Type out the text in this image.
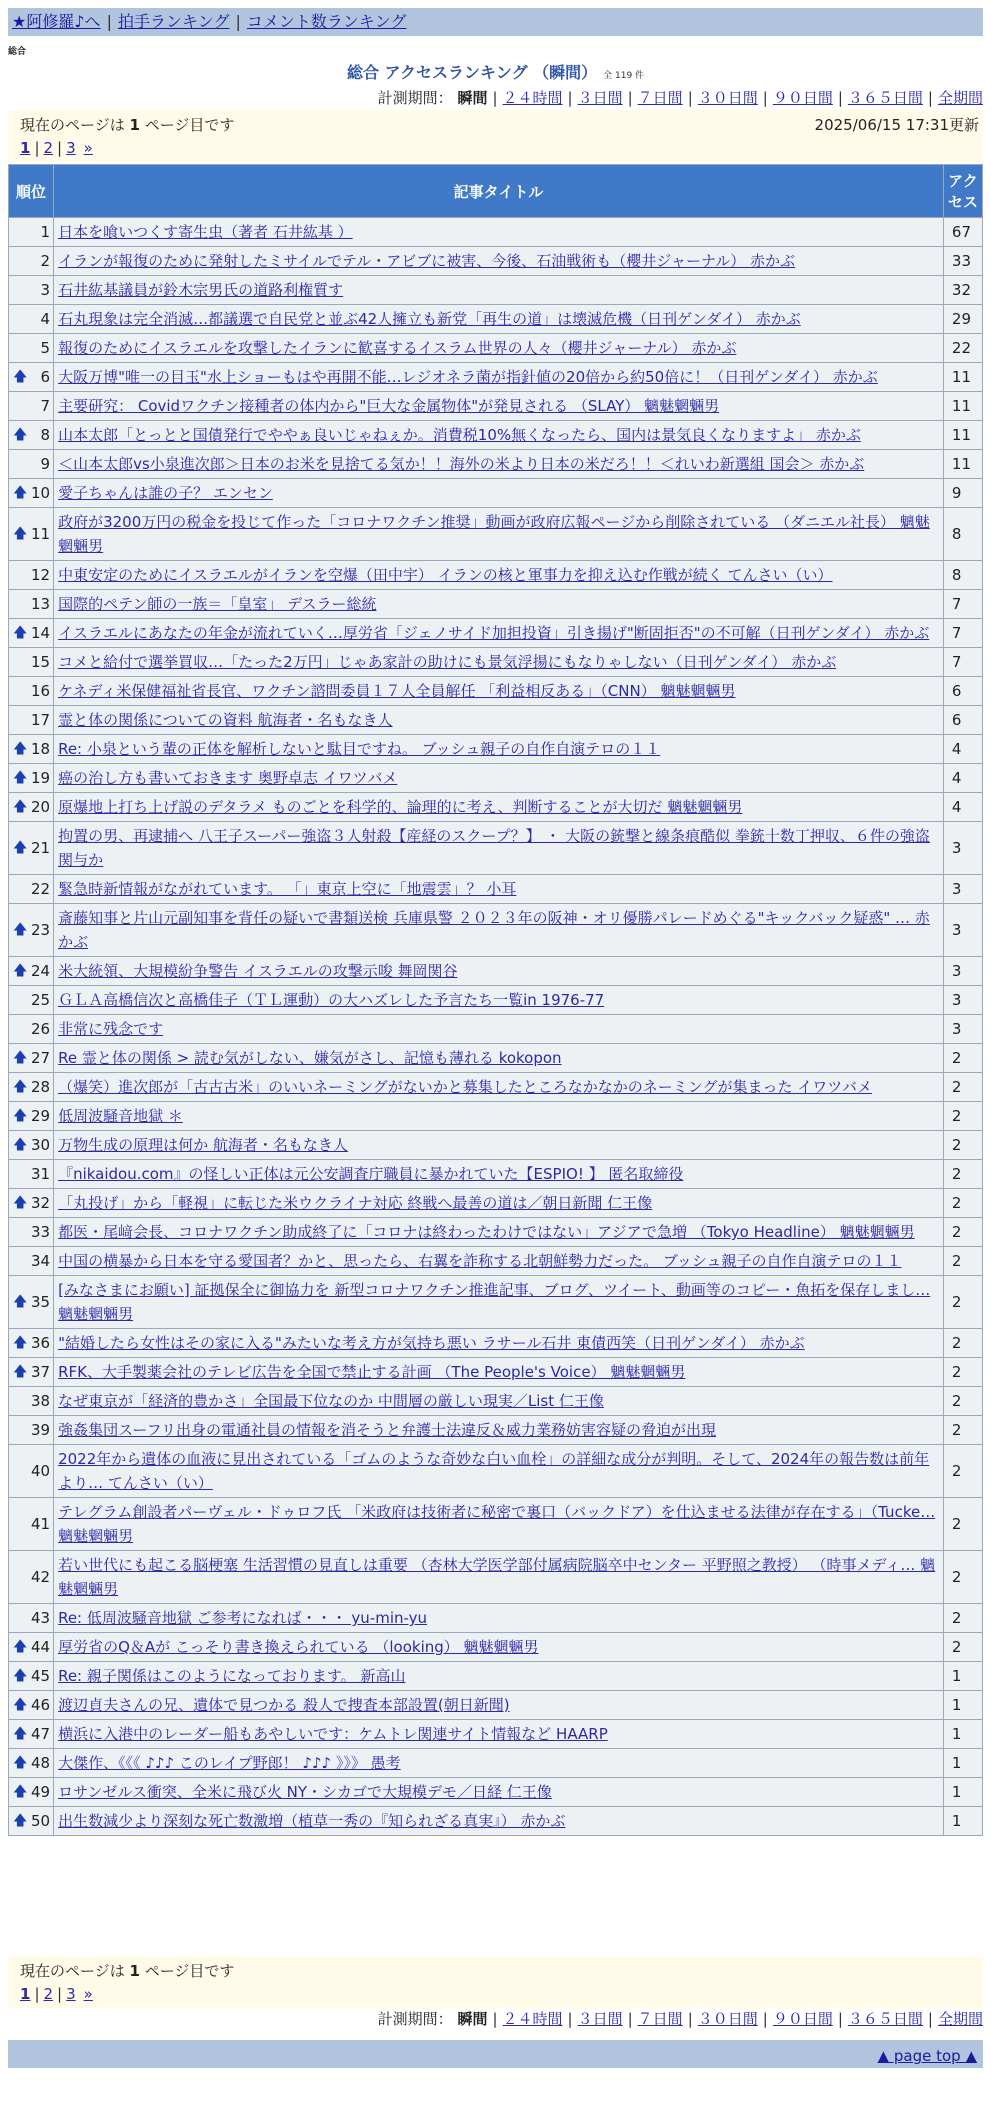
★阿修羅♪へ | 拍手ランキング | コメント数ランキング
総合
総合 アクセスランキング （瞬間） 全 119 件
計測期間： 瞬間 | ２４時間 | ３日間 | ７日間 | ３０日間 | ９０日間 | ３６５日間 | 全期間
現在のページは 1 ページ目です	2025/06/15 17:31更新
1 | 2 | 3 »
順位	記事タイトル	アクセス
1	日本を喰いつくす寄生虫（著者 石井紘基 ）	67
2	イランが報復のために発射したミサイルでテル・アビブに被害、今後、石油戦術も（櫻井ジャーナル） 赤かぶ	33
3	石井紘基議員が鈴木宗男氏の道路利権質す	32
4	石丸現象は完全消滅…都議選で自民党と並ぶ42人擁立も新党「再生の道」は壊滅危機（日刊ゲンダイ） 赤かぶ	29
5	報復のためにイスラエルを攻撃したイランに歓喜するイスラム世界の人々（櫻井ジャーナル） 赤かぶ	22

🡅 6	大阪万博"唯一の目玉"水上ショーもはや再開不能…レジオネラ菌が指針値の20倍から約50倍に！（日刊ゲンダイ） 赤かぶ	11
7	主要研究： Covidワクチン接種者の体内から"巨大な金属物体"が発見される （SLAY） 魑魅魍魎男	11

🡅 8	山本太郎「とっとと国債発行でややぁ良いじゃねぇか。消費税10%無くなったら、国内は景気良くなりますよ」 赤かぶ	11
9	＜山本太郎vs小泉進次郎＞日本のお米を見捨てる気か！！海外の米より日本の米だろ！！＜れいわ新選組 国会＞ 赤かぶ	11

🡅 10	愛子ちゃんは誰の子？ エンセン	9

🡅 11	政府が3200万円の税金を投じて作った「コロナワクチン推奨」動画が政府広報ページから削除されている （ダニエル社長） 魑魅魍魎男	8
12	中東安定のためにイスラエルがイランを空爆（田中宇） イランの核と軍事力を抑え込む作戦が続く てんさい（い）	8
13	国際的ペテン師の一族＝「皇室」 デスラー総統	7

🡅 14	イスラエルにあなたの年金が流れていく…厚労省「ジェノサイド加担投資」引き揚げ"断固拒否"の不可解（日刊ゲンダイ） 赤かぶ	7
15	コメと給付で選挙買収…「たった2万円」じゃあ家計の助けにも景気浮揚にもなりゃしない（日刊ゲンダイ） 赤かぶ	7
16	ケネディ米保健福祉省長官、ワクチン諮問委員１７人全員解任 「利益相反ある」（CNN） 魑魅魍魎男	6
17	霊と体の関係についての資料 航海者・名もなき人	6

🡅 18	Re: 小泉という輩の正体を解析しないと駄目ですね。 ブッシュ親子の自作自演テロの１１	4

🡅 19	癌の治し方も書いておきます 奥野卓志 イワツバメ	4

🡅 20	原爆地上打ち上げ説のデタラメ ものごとを科学的、論理的に考え、判断することが大切だ 魑魅魍魎男	4

🡅 21	拘置の男、再逮捕へ 八王子スーパー強盗３人射殺【産経のスクープ？】 ・ 大阪の銃撃と線条痕酷似 拳銃十数丁押収、６件の強盗関与か	3
22	緊急時新情報がながれています。 「」東京上空に「地震雲」？ 小耳	3

🡅 23	斎藤知事と片山元副知事を背任の疑いで書類送検 兵庫県警 ２０２３年の阪神・オリ優勝パレードめぐる"キックバック疑惑" … 赤かぶ	3

🡅 24	米大統領、大規模紛争警告 イスラエルの攻撃示唆 舞岡関谷	3
25	ＧＬＡ高橋信次と高橋佳子（ＴＬ運動）の大ハズレした予言たち一覧in 1976-77	3
26	非常に残念です	3

🡅 27	Re 霊と体の関係 > 読む気がしない、嫌気がさし、記憶も薄れる kokopon	2

🡅 28	（爆笑）進次郎が「古古古米」のいいネーミングがないかと募集したところなかなかのネーミングが集まった イワツバメ	2

🡅 29	低周波騒音地獄 ＊	2

🡅 30	万物生成の原理は何か 航海者・名もなき人	2
31	『nikaidou.com』の怪しい正体は元公安調査庁職員に暴かれていた【ESPIO! 】 匿名取締役	2

🡅 32	「丸投げ」から「軽視」に転じた米ウクライナ対応 終戦へ最善の道は／朝日新聞 仁王像	2
33	都医・尾﨑会長、コロナワクチン助成終了に「コロナは終わったわけではない」アジアで急増 （Tokyo Headline） 魑魅魍魎男	2
34	中国の横暴から日本を守る愛国者？かと、思ったら、右翼を詐称する北朝鮮勢力だった。 ブッシュ親子の自作自演テロの１１	2

🡅 35	[みなさまにお願い] 証拠保全に御協力を 新型コロナワクチン推進記事、ブログ、ツイート、動画等のコピー・魚拓を保存しまし… 魑魅魍魎男	2

🡅 36	"結婚したら女性はその家に入る"みたいな考え方が気持ち悪い ラサール石井 東債西笑（日刊ゲンダイ） 赤かぶ	2

🡅 37	RFK、大手製薬会社のテレビ広告を全国で禁止する計画 （The People's Voice） 魑魅魍魎男	2
38	なぜ東京が「経済的豊かさ」全国最下位なのか 中間層の厳しい現実／List 仁王像	2
39	強姦集団スーフリ出身の電通社員の情報を消そうと弁護士法違反＆威力業務妨害容疑の脅迫が出現	2
40	2022年から遺体の血液に見出されている「ゴムのような奇妙な白い血栓」の詳細な成分が判明。そして、2024年の報告数は前年より… てんさい（い）	2
41	テレグラム創設者パーヴェル・ドゥロフ氏 「米政府は技術者に秘密で裏口（バックドア）を仕込ませる法律が存在する」（Tucke… 魑魅魍魎男	2
42	若い世代にも起こる脳梗塞 生活習慣の見直しは重要 （杏林大学医学部付属病院脳卒中センター 平野照之教授） （時事メディ… 魑魅魍魎男	2
43	Re: 低周波騒音地獄 ご参考になれば・・・ yu-min-yu	2

🡅 44	厚労省のQ＆Aが こっそり書き換えられている （looking） 魑魅魍魎男	2

🡅 45	Re: 親子関係はこのようになっております。 新高山	1

🡅 46	渡辺貞夫さんの兄、遺体で見つかる 殺人で捜査本部設置(朝日新聞)	1

🡅 47	横浜に入港中のレーダー船もあやしいです：ケムトレ関連サイト情報など HAARP	1

🡅 48	大傑作、《《《 ♪♪♪ このレイプ野郎！ ♪♪♪ 》》》 愚考	1

🡅 49	ロサンゼルス衝突、全米に飛び火 NY・シカゴで大規模デモ／日経 仁王像	1

🡅 50	出生数減少より深刻な死亡数激増（植草一秀の『知られざる真実』） 赤かぶ	1
現在のページは 1 ページ目です
1 | 2 | 3 »
計測期間： 瞬間 | ２４時間 | ３日間 | ７日間 | ３０日間 | ９０日間 | ３６５日間 | 全期間
▲ page top ▲
